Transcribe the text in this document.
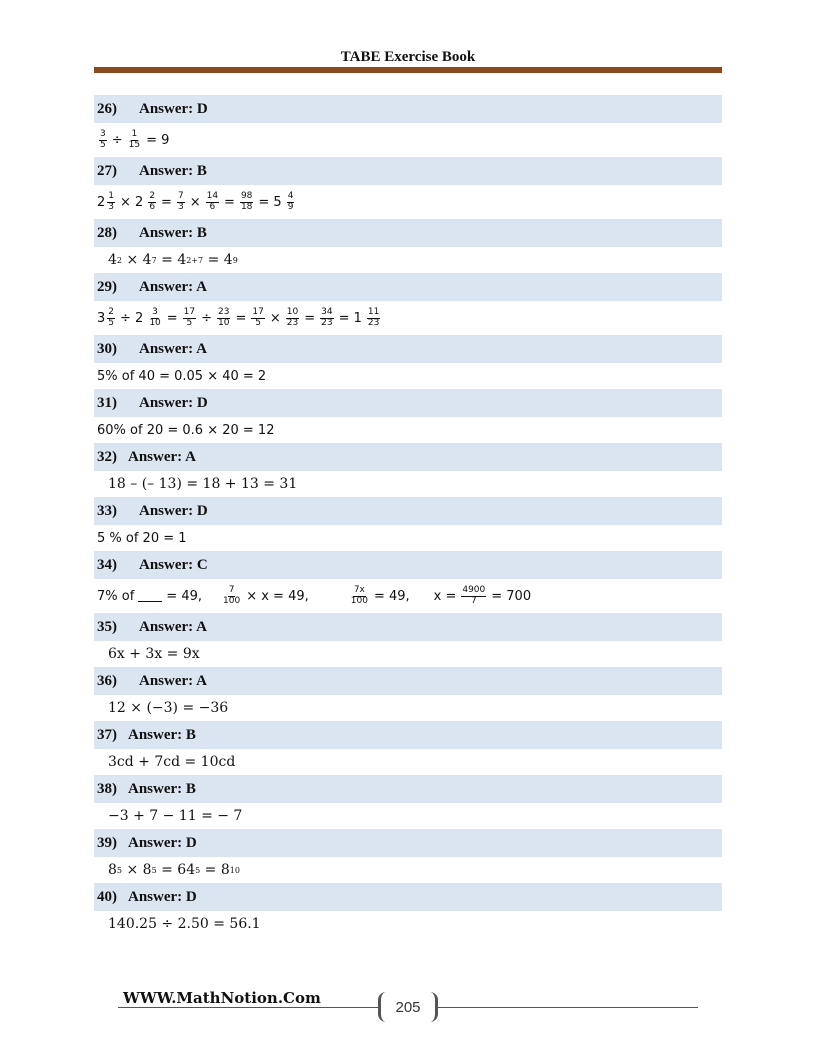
TABE Exercise Book
26) Answer: D
$\frac{3}{5} \div \frac{1}{15} = 9$
27) Answer: B
$2 \frac{1}{3} \times 2 \frac{2}{6} = \frac{7}{3} \times \frac{14}{6} = \frac{98}{18} = 5 \frac{4}{9}$
28) Answer: B
4 2 × 4 7 = 4 2+7 = 4 9
29) Answer: A
$3 \frac{2}{5} \div 2 \frac{3}{10} = \frac{17}{5} \div \frac{23}{10} = \frac{17}{5} \times \frac{10}{23} = \frac{34}{23} = 1 \frac{11}{23}$
30) Answer: A
5% of 40 = 0.05 × 40 = 2
31) Answer: D
60% of 20 = 0.6 × 20 = 12
32) Answer: A
18 – (– 13) = 18 + 13 = 31
33) Answer: D
5 % of 20 = 1
34) Answer: C
7% of = 49, $\frac{7}{100} \times x = 49$,	$\frac{7x}{100} = 49$, $x = \frac{4900}{7} = 700$
35) Answer: A
6x + 3x = 9x
36) Answer: A
12 × (−3) = −36
37) Answer: B
3cd + 7cd = 10cd
38) Answer: B
−3 + 7 − 11 = − 7
39) Answer: D
8 5 × 8 5 = 64 5 = 8 10
40) Answer: D
140.25 ÷ 2.50 = 56.1
WWW.MathNotion.Com	205
